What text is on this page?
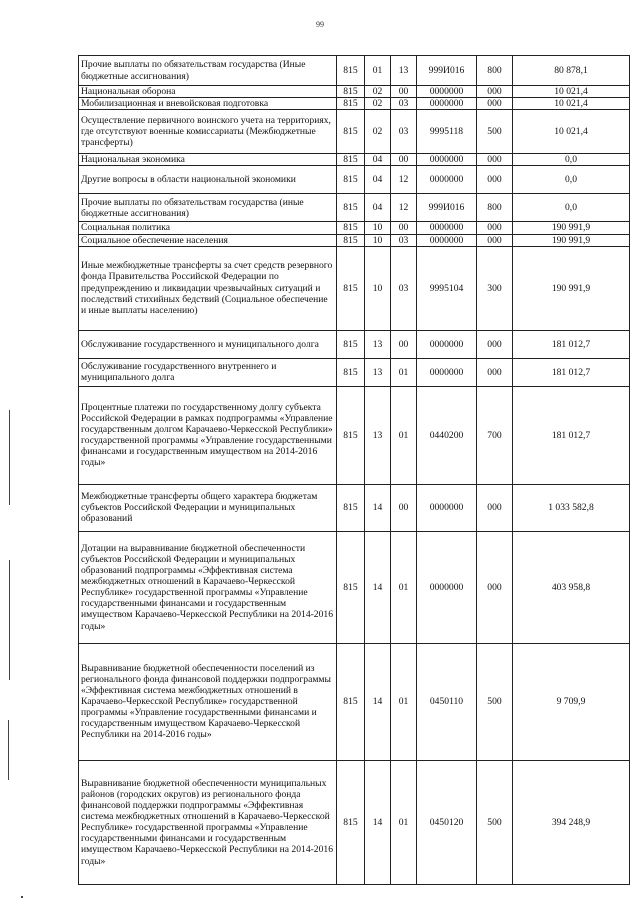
99
Прочие выплаты по обязательствам государства (Иные бюджетные ассигнования)	815	01	13	999И016	800	80 878,1
Национальная оборона	815	02	00	0000000	000	10 021,4
Мобилизационная и вневойсковая подготовка	815	02	03	0000000	000	10 021,4
Осуществление первичного воинского учета на территориях, где отсутствуют военные комиссариаты (Межбюджетные трансферты)	815	02	03	9995118	500	10 021,4
Национальная экономика	815	04	00	0000000	000	0,0
Другие вопросы в области национальной экономики	815	04	12	0000000	000	0,0
Прочие выплаты по обязательствам государства (иные бюджетные ассигнования)	815	04	12	999И016	800	0,0
Социальная политика	815	10	00	0000000	000	190 991,9
Социальное обеспечение населения	815	10	03	0000000	000	190 991,9
Иные межбюджетные трансферты за счет средств резервного фонда Правительства Российской Федерации по предупреждению и ликвидации чрезвычайных ситуаций и последствий стихийных бедствий (Социальное обеспечение и иные выплаты населению)	815	10	03	9995104	300	190 991,9
Обслуживание государственного и муниципального долга	815	13	00	0000000	000	181 012,7
Обслуживание государственного внутреннего и муниципального долга	815	13	01	0000000	000	181 012,7
Процентные платежи по государственному долгу субъекта Российской Федерации в рамках подпрограммы «Управление государственным долгом Карачаево-Черкесской Республики» государственной программы «Управление государственными финансами и государственным имуществом на 2014-2016 годы»	815	13	01	0440200	700	181 012,7
Межбюджетные трансферты общего характера бюджетам субъектов Российской Федерации и муниципальных образований	815	14	00	0000000	000	1 033 582,8
Дотации на выравнивание бюджетной обеспеченности субъектов Российской Федерации и муниципальных образований подпрограммы «Эффективная система межбюджетных отношений в Карачаево-Черкесской Республике» государственной программы «Управление государственными финансами и государственным имуществом Карачаево-Черкесской Республики на 2014-2016 годы»	815	14	01	0000000	000	403 958,8
Выравнивание бюджетной обеспеченности поселений из регионального фонда финансовой поддержки подпрограммы «Эффективная система межбюджетных отношений в Карачаево-Черкесской Республике» государственной программы «Управление государственными финансами и государственным имуществом Карачаево-Черкесской Республики на 2014-2016 годы»	815	14	01	0450110	500	9 709,9
Выравнивание бюджетной обеспеченности муниципальных районов (городских округов) из регионального фонда финансовой поддержки подпрограммы «Эффективная система межбюджетных отношений в Карачаево-Черкесской Республике» государственной программы «Управление государственными финансами и государственным имуществом Карачаево-Черкесской Республики на 2014-2016 годы»	815	14	01	0450120	500	394 248,9
